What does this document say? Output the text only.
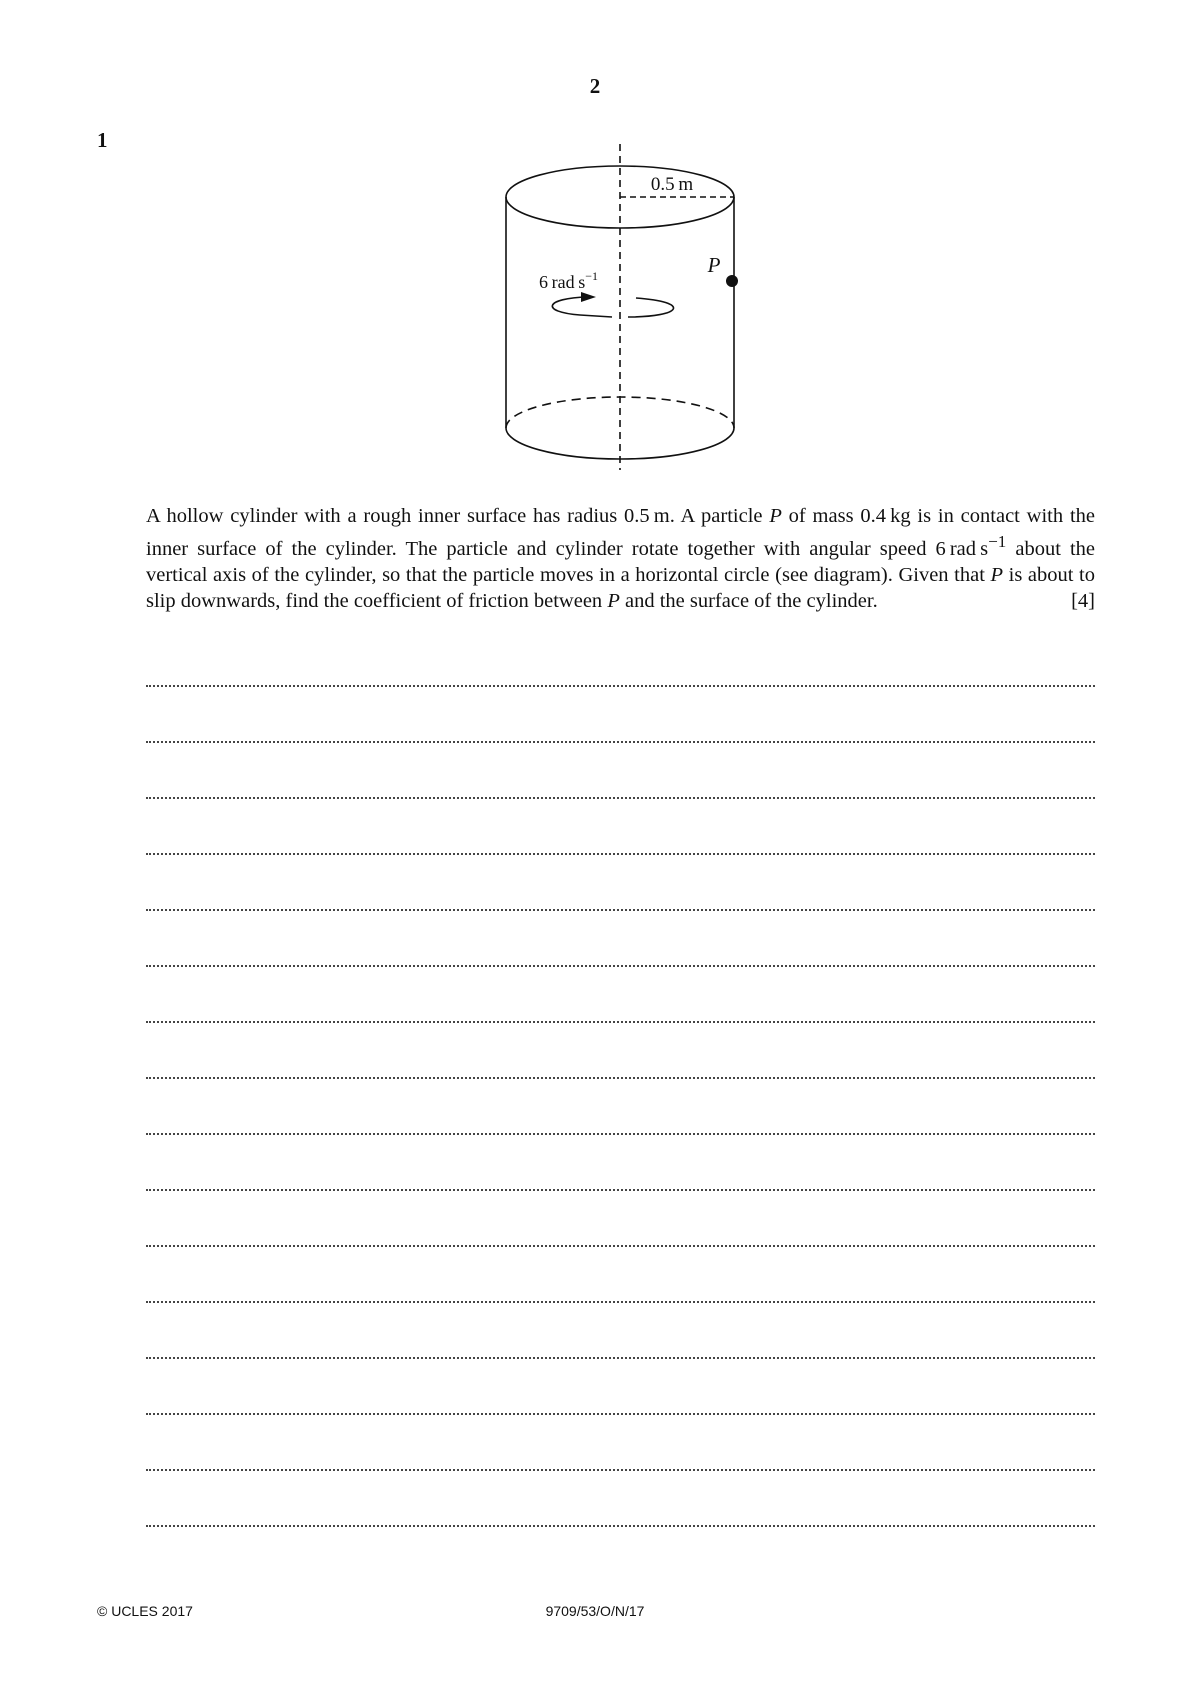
2
1
0.5 m
P
6 rad $s^{-1}$

A hollow cylinder with a rough inner surface has radius 0.5 m. A particle P of mass 0.4 kg is in contact with the inner surface of the cylinder. The particle and cylinder rotate together with angular speed 6 rad $s^{-1}$ about the vertical axis of the cylinder, so that the particle moves in a horizontal circle (see diagram). Given that P is about to slip downwards, find the coefficient of friction between P and the surface of the cylinder.	[4]

© UCLES 2017	9709/53/O/N/17
